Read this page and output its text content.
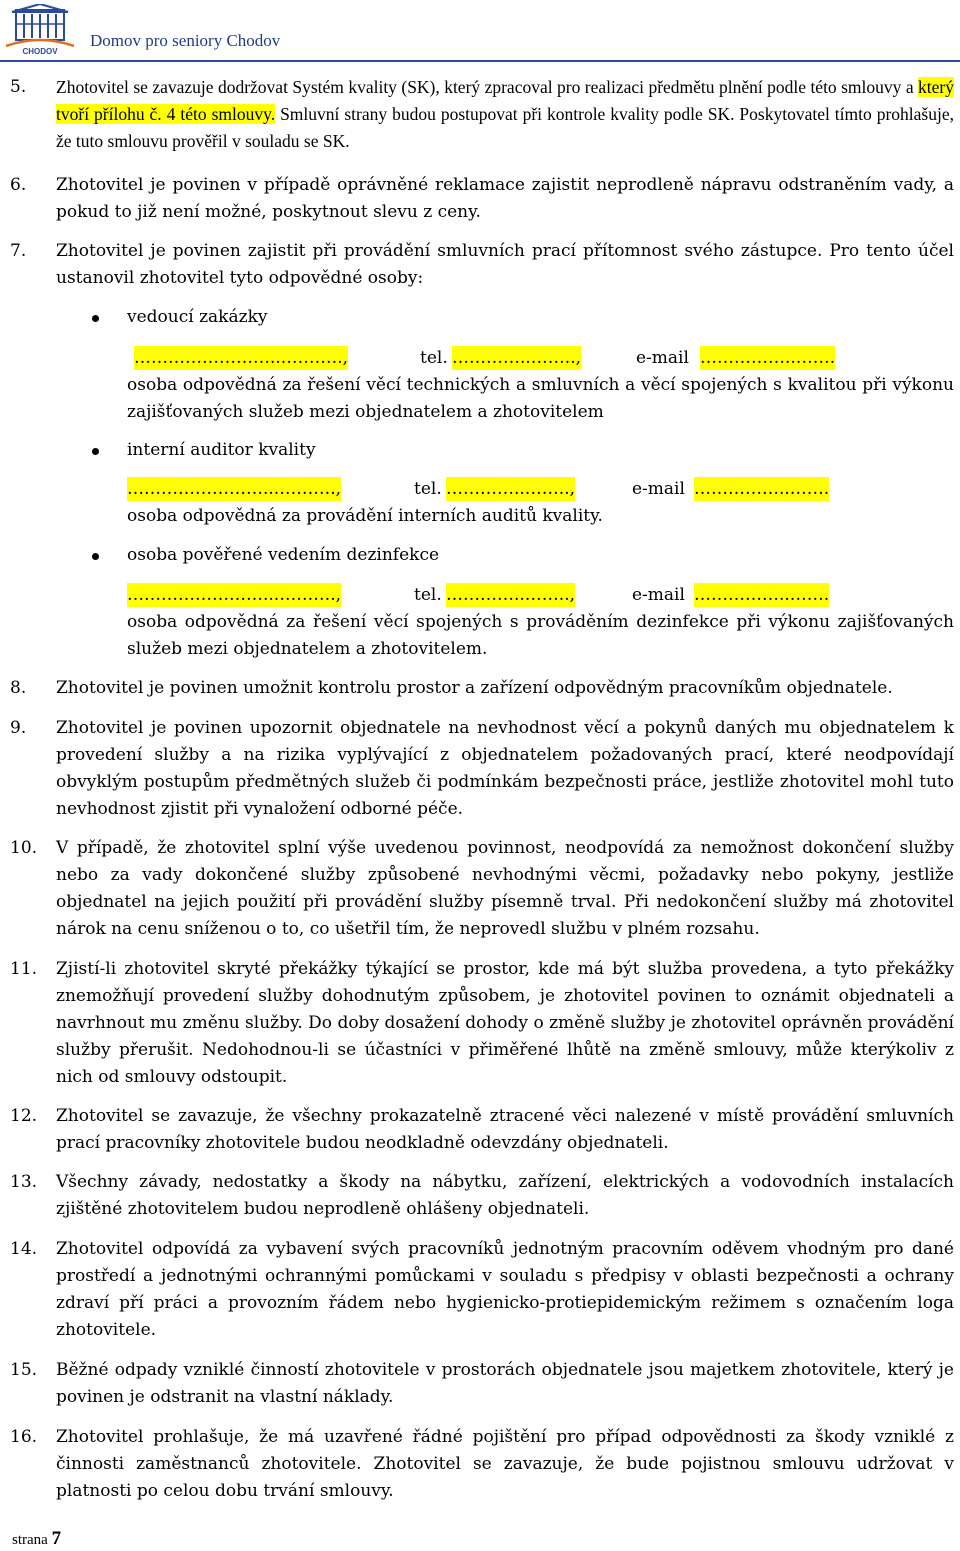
CHODOV
Domov pro seniory Chodov
5. Zhotovitel se zavazuje dodržovat Systém kvality (SK), který zpracoval pro realizaci předmětu plnění podle této smlouvy a který tvoří přílohu č. 4 této smlouvy. Smluvní strany budou postupovat při kontrole kvality podle SK. Poskytovatel tímto prohlašuje, že tuto smlouvu prověřil v souladu se SK.
6. Zhotovitel je povinen v případě oprávněné reklamace zajistit neprodleně nápravu odstraněním vady, a pokud to již není možné, poskytnout slevu z ceny.
7. Zhotovitel je povinen zajistit při provádění smluvních prací přítomnost svého zástupce. Pro tento účel ustanovil zhotovitel tyto odpovědné osoby:
vedoucí zakázky
……………………...……….,	tel. …………..……..,	e-mail ……………..…….
osoba odpovědná za řešení věcí technických a smluvních a věcí spojených s kvalitou při výkonu zajišťovaných služeb mezi objednatelem a zhotovitelem
interní auditor kvality
……………………...……….,	tel. …………..……..,	e-mail ……………..…….
osoba odpovědná za provádění interních auditů kvality.
osoba pověřené vedením dezinfekce
……………………...……….,	tel. …………..……..,	e-mail ……………..…….
osoba odpovědná za řešení věcí spojených s prováděním dezinfekce při výkonu zajišťovaných služeb mezi objednatelem a zhotovitelem.
8. Zhotovitel je povinen umožnit kontrolu prostor a zařízení odpovědným pracovníkům objednatele.
9. Zhotovitel je povinen upozornit objednatele na nevhodnost věcí a pokynů daných mu objednatelem k provedení služby a na rizika vyplývající z objednatelem požadovaných prací, které neodpovídají obvyklým postupům předmětných služeb či podmínkám bezpečnosti práce, jestliže zhotovitel mohl tuto nevhodnost zjistit při vynaložení odborné péče.
10. V případě, že zhotovitel splní výše uvedenou povinnost, neodpovídá za nemožnost dokončení služby nebo za vady dokončené služby způsobené nevhodnými věcmi, požadavky nebo pokyny, jestliže objednatel na jejich použití při provádění služby písemně trval. Při nedokončení služby má zhotovitel nárok na cenu sníženou o to, co ušetřil tím, že neprovedl službu v plném rozsahu.
11. Zjistí-li zhotovitel skryté překážky týkající se prostor, kde má být služba provedena, a tyto překážky znemožňují provedení služby dohodnutým způsobem, je zhotovitel povinen to oznámit objednateli a navrhnout mu změnu služby. Do doby dosažení dohody o změně služby je zhotovitel oprávněn provádění služby přerušit. Nedohodnou-li se účastníci v přiměřené lhůtě na změně smlouvy, může kterýkoliv z nich od smlouvy odstoupit.
12. Zhotovitel se zavazuje, že všechny prokazatelně ztracené věci nalezené v místě provádění smluvních prací pracovníky zhotovitele budou neodkladně odevzdány objednateli.
13. Všechny závady, nedostatky a škody na nábytku, zařízení, elektrických a vodovodních instalacích zjištěné zhotovitelem budou neprodleně ohlášeny objednateli.
14. Zhotovitel odpovídá za vybavení svých pracovníků jednotným pracovním oděvem vhodným pro dané prostředí a jednotnými ochrannými pomůckami v souladu s předpisy v oblasti bezpečnosti a ochrany zdraví pří práci a provozním řádem nebo hygienicko-protiepidemickým režimem s označením loga zhotovitele.
15. Běžné odpady vzniklé činností zhotovitele v prostorách objednatele jsou majetkem zhotovitele, který je povinen je odstranit na vlastní náklady.
16. Zhotovitel prohlašuje, že má uzavřené řádné pojištění pro případ odpovědnosti za škody vzniklé z činnosti zaměstnanců zhotovitele. Zhotovitel se zavazuje, že bude pojistnou smlouvu udržovat v platnosti po celou dobu trvání smlouvy.
strana 7
